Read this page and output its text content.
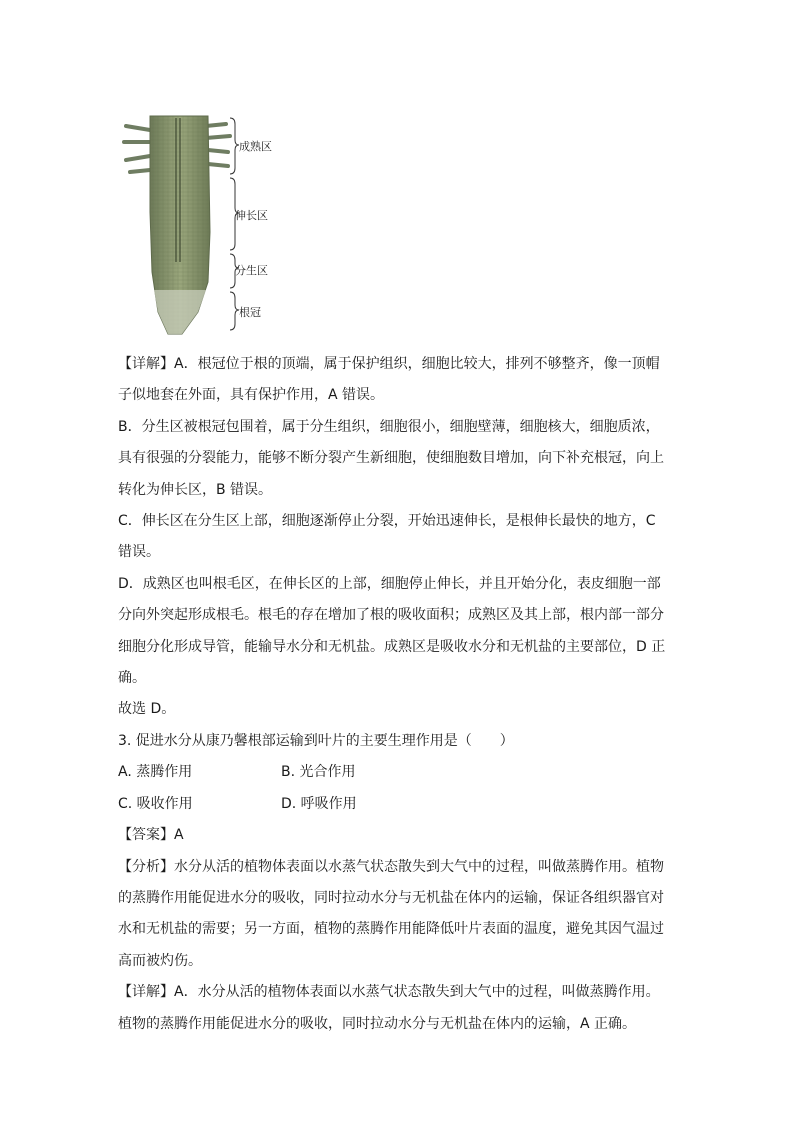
成熟区
伸长区
分生区
根冠

【详解】A．根冠位于根的顶端，属于保护组织，细胞比较大，排列不够整齐，像一顶帽

子似地套在外面，具有保护作用，A 错误。

B．分生区被根冠包围着，属于分生组织，细胞很小，细胞壁薄，细胞核大，细胞质浓，

具有很强的分裂能力，能够不断分裂产生新细胞，使细胞数目增加，向下补充根冠，向上

转化为伸长区，B 错误。

C．伸长区在分生区上部，细胞逐渐停止分裂，开始迅速伸长，是根伸长最快的地方，C

错误。

D．成熟区也叫根毛区，在伸长区的上部，细胞停止伸长，并且开始分化，表皮细胞一部

分向外突起形成根毛。根毛的存在增加了根的吸收面积；成熟区及其上部，根内部一部分

细胞分化形成导管，能输导水分和无机盐。成熟区是吸收水分和无机盐的主要部位，D 正

确。

故选 D。

3. 促进水分从康乃馨根部运输到叶片的主要生理作用是（　　）

A. 蒸腾作用	B. 光合作用

C. 吸收作用	D. 呼吸作用

【答案】A

【分析】水分从活的植物体表面以水蒸气状态散失到大气中的过程，叫做蒸腾作用。植物

的蒸腾作用能促进水分的吸收，同时拉动水分与无机盐在体内的运输，保证各组织器官对

水和无机盐的需要；另一方面，植物的蒸腾作用能降低叶片表面的温度，避免其因气温过

高而被灼伤。

【详解】A．水分从活的植物体表面以水蒸气状态散失到大气中的过程，叫做蒸腾作用。

植物的蒸腾作用能促进水分的吸收，同时拉动水分与无机盐在体内的运输，A 正确。
